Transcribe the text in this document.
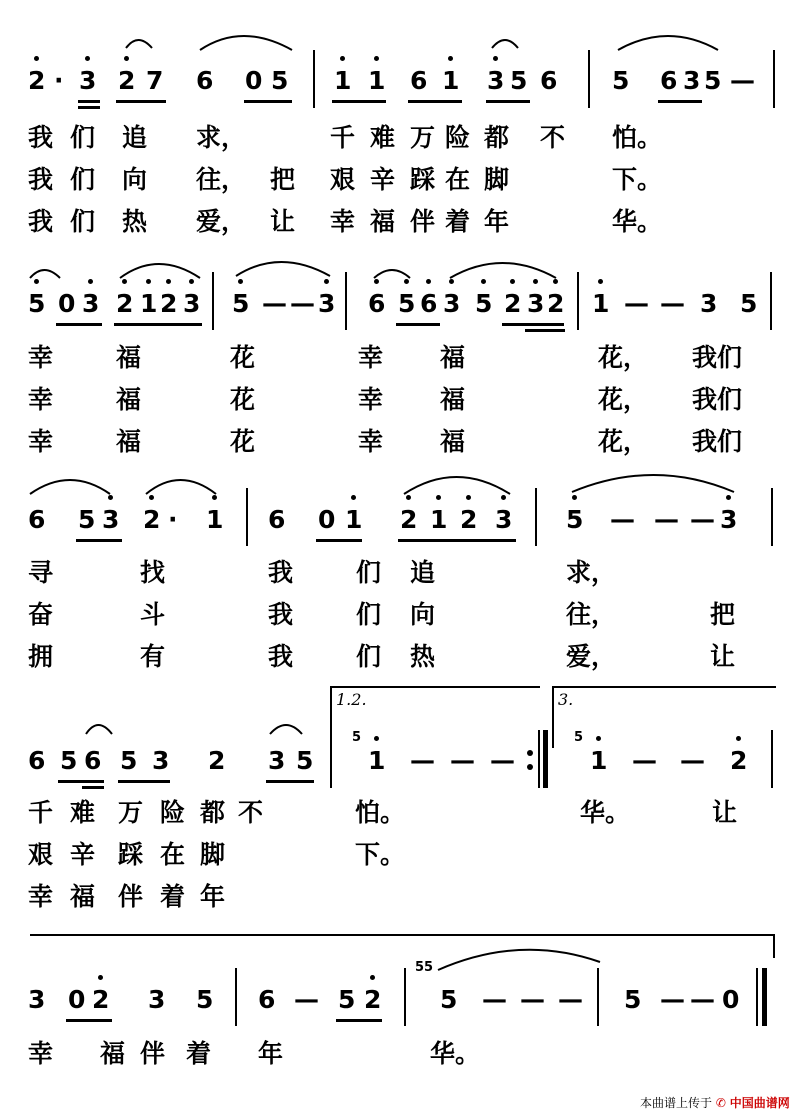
2 · 3 2 7 6 0 5 1 1 6 1 3 5 6 5 6 3 5 —
我 们 追 求，	千 难 万 险 都 不 怕。
我 们 向 往， 把 艰 辛 踩 在 脚	下。
我 们 热 爱， 让 幸 福 伴 着 年	华。
5 0 3 2 1 2 3 5 — — 3 6 5 6 3 5 2 3 2 1 — — 3 5
幸	福	花	幸 福	花， 我们
幸	福	花	幸 福	花， 我们
幸	福	花	幸 福	花， 我们
6 5 3 2 · 1 6 0 1 2 1 2 3 5 — — — 3
寻	找	我	们 追	求，
奋	斗	我	们 向	往，	把
拥	有	我	们 热	爱，	让
1.2.	3.
6 5 6 5 3 2 3 5 1 — — —	1 — — 2
5	5
千 难 万 险 都 不	怕。	华。	让
艰 辛 踩 在 脚	下。
幸 福 伴 着 年
3 0 2 3 5 6 — 5 2 5 — — — 5 — — 0
55
幸 福 伴 着 年	华。
本曲谱上传于 ✆ 中国曲谱网
